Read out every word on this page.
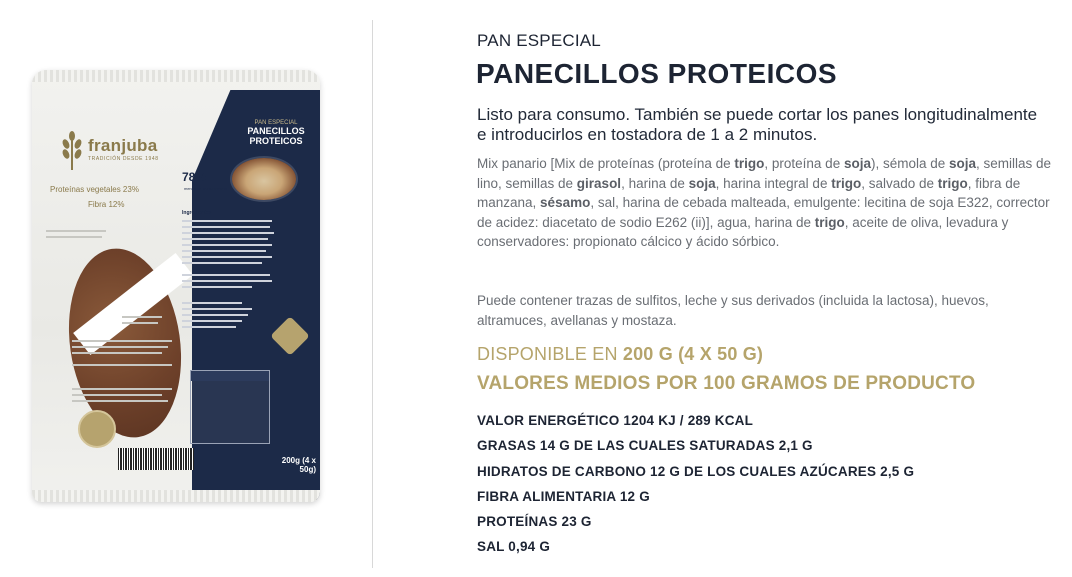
franjuba
TRADICIÓN DESDE 1948
Proteínas vegetales 23%
Fibra 12%
PAN ESPECIAL
PANECILLOS PROTEICOS
78%
menos de carbohidratos
Ingredientes
200g (4 x 50g)
PAN ESPECIAL
PANECILLOS PROTEICOS
Listo para consumo. También se puede cortar los panes longitudinalmente e introducirlos en tostadora de 1 a 2 minutos.
Mix panario [Mix de proteínas (proteína de trigo, proteína de soja), sémola de soja, semillas de lino, semillas de girasol, harina de soja, harina integral de trigo, salvado de trigo, fibra de manzana, sésamo, sal, harina de cebada malteada, emulgente: lecitina de soja E322, corrector de acidez: diacetato de sodio E262 (ii)], agua, harina de trigo, aceite de oliva, levadura y conservadores: propionato cálcico y ácido sórbico.
Puede contener trazas de sulfitos, leche y sus derivados (incluida la lactosa), huevos, altramuces, avellanas y mostaza.
DISPONIBLE EN 200 G (4 X 50 G)
VALORES MEDIOS POR 100 GRAMOS DE PRODUCTO
VALOR ENERGÉTICO 1204 KJ / 289 KCAL
GRASAS 14 G DE LAS CUALES SATURADAS 2,1 G
HIDRATOS DE CARBONO 12 G DE LOS CUALES AZÚCARES 2,5 G
FIBRA ALIMENTARIA 12 G
PROTEÍNAS 23 G
SAL 0,94 G
